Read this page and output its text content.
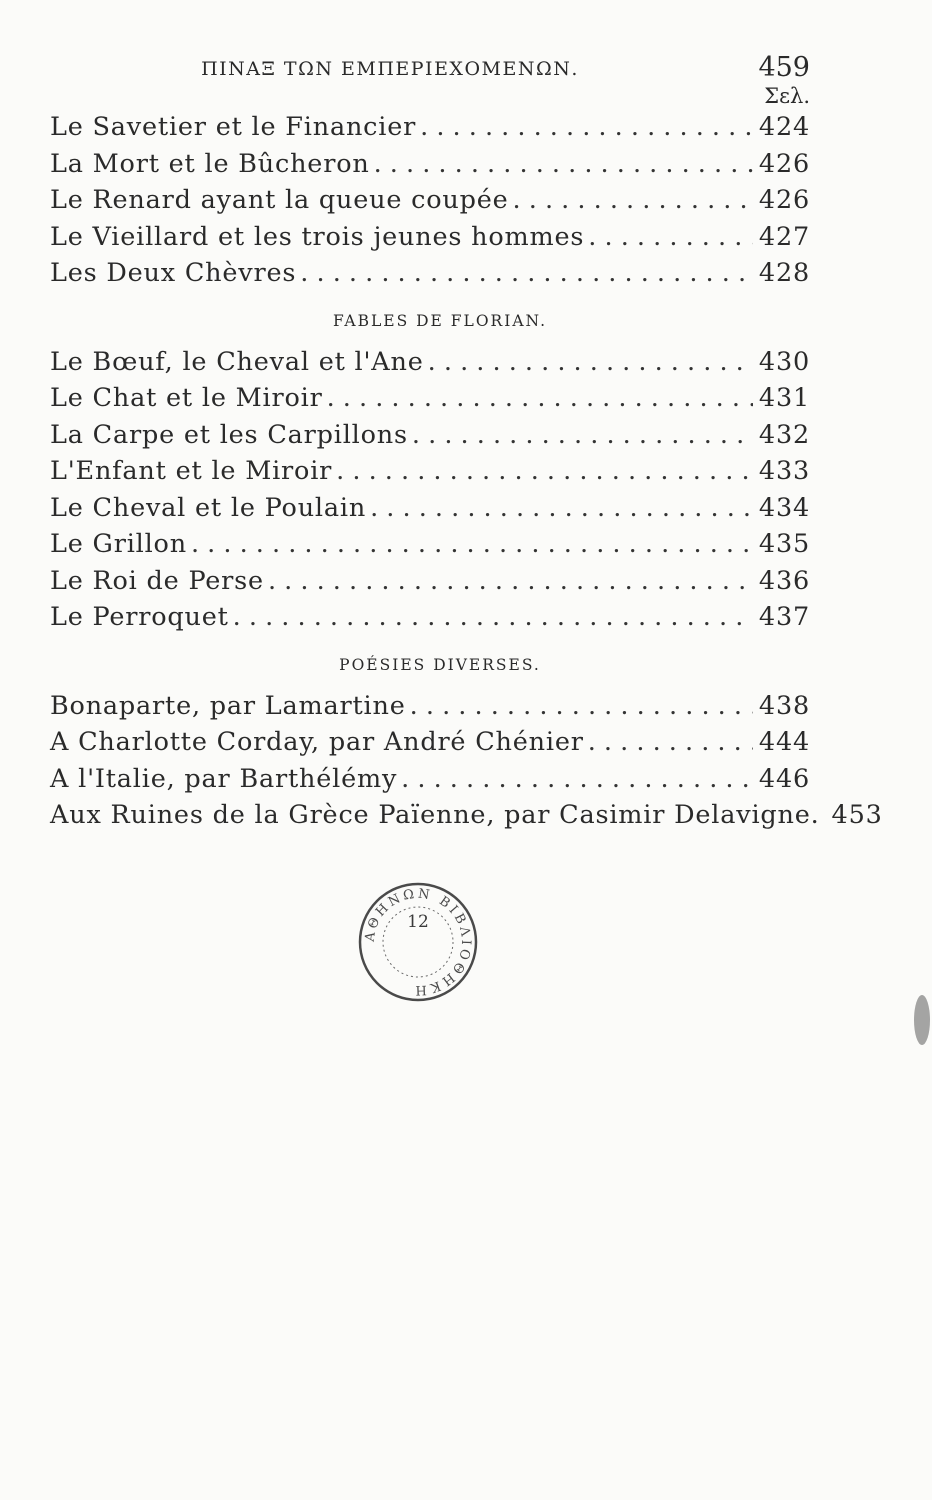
ΠΙΝΑΞ ΤΩΝ ΕΜΠΕΡΙΕΧΟΜΕΝΩΝ.	459
Σελ.
Le Savetier et le Financier . . .	424
La Mort et le Bûcheron . . .	426
Le Renard ayant la queue coupée . . .	426
Le Vieillard et les trois jeunes hommes . . .	427
Les Deux Chèvres . . .	428
FABLES DE FLORIAN.
Le Bœuf, le Cheval et l'Ane . . .	430
Le Chat et le Miroir . . .	431
La Carpe et les Carpillons . . .	432
L'Enfant et le Miroir . . .	433
Le Cheval et le Poulain . . .	434
Le Grillon . . .	435
Le Roi de Perse . . .	436
Le Perroquet . . .	437
POÉSIES DIVERSES.
Bonaparte, par Lamartine . . .	438
A Charlotte Corday, par André Chénier . . .	444
A l'Italie, par Barthélémy . . .	446
Aux Ruines de la Grèce Païenne, par Casimir Delavigne. 453
ΑΘΗΝΩΝ ΒΙΒΛΙΟΘΗΚΗ
12
